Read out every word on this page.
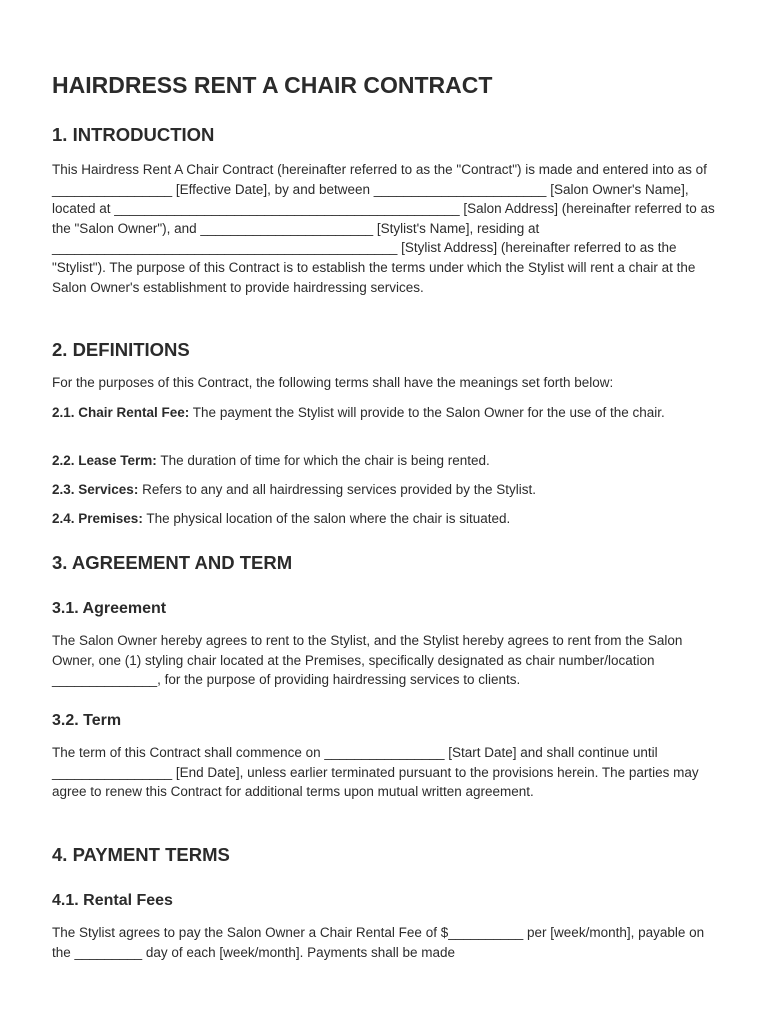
HAIRDRESS RENT A CHAIR CONTRACT
1. INTRODUCTION

This Hairdress Rent A Chair Contract (hereinafter referred to as the "Contract") is made and entered into as of ________________ [Effective Date], by and between _______________________ [Salon Owner's Name], located at ______________________________________________ [Salon Address] (hereinafter referred to as the "Salon Owner"), and _______________________ [Stylist's Name], residing at ______________________________________________ [Stylist Address] (hereinafter referred to as the "Stylist"). The purpose of this Contract is to establish the terms under which the Stylist will rent a chair at the Salon Owner's establishment to provide hairdressing services.

2. DEFINITIONS

For the purposes of this Contract, the following terms shall have the meanings set forth below:

2.1. Chair Rental Fee: The payment the Stylist will provide to the Salon Owner for the use of the chair.

2.2. Lease Term: The duration of time for which the chair is being rented.

2.3. Services: Refers to any and all hairdressing services provided by the Stylist.

2.4. Premises: The physical location of the salon where the chair is situated.

3. AGREEMENT AND TERM
3.1. Agreement

The Salon Owner hereby agrees to rent to the Stylist, and the Stylist hereby agrees to rent from the Salon Owner, one (1) styling chair located at the Premises, specifically designated as chair number/location ______________, for the purpose of providing hairdressing services to clients.

3.2. Term

The term of this Contract shall commence on ________________ [Start Date] and shall continue until ________________ [End Date], unless earlier terminated pursuant to the provisions herein. The parties may agree to renew this Contract for additional terms upon mutual written agreement.

4. PAYMENT TERMS
4.1. Rental Fees

The Stylist agrees to pay the Salon Owner a Chair Rental Fee of $__________ per [week/month], payable on the _________ day of each [week/month]. Payments shall be made
